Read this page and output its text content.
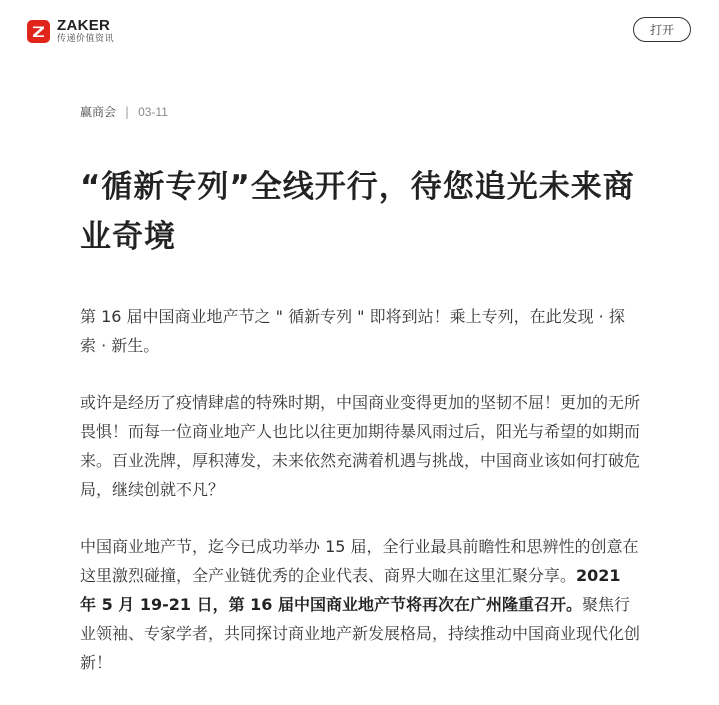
ZAKER
传递价值资讯
打开
赢商会 | 03-11
“循新专列”全线开行，待您追光未来商业奇境

第 16 届中国商业地产节之 " 循新专列 " 即将到站！乘上专列，在此发现 · 探索 · 新生。

或许是经历了疫情肆虐的特殊时期，中国商业变得更加的坚韧不屈！更加的无所畏惧！而每一位商业地产人也比以往更加期待暴风雨过后，阳光与希望的如期而来。百业洗牌，厚积薄发，未来依然充满着机遇与挑战，中国商业该如何打破危局，继续创就不凡？

中国商业地产节，迄今已成功举办 15 届，全行业最具前瞻性和思辨性的创意在这里激烈碰撞，全产业链优秀的企业代表、商界大咖在这里汇聚分享。2021 年 5 月 19-21 日，第 16 届中国商业地产节将再次在广州隆重召开。聚焦行业领袖、专家学者，共同探讨商业地产新发展格局，持续推动中国商业现代化创新！
